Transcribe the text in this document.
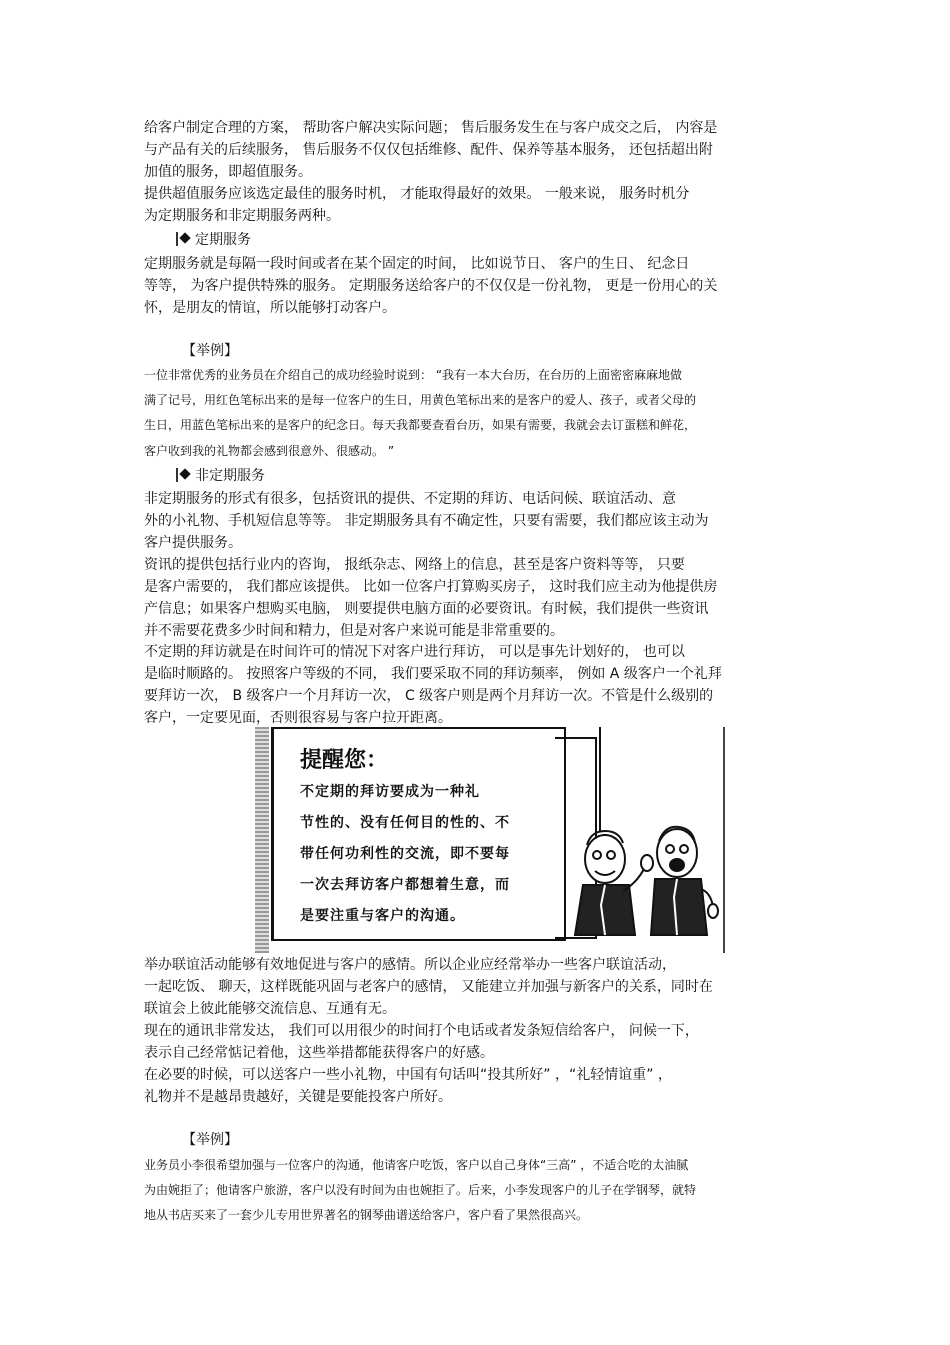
给客户制定合理的方案， 帮助客户解决实际问题； 售后服务发生在与客户成交之后， 内容是
与产品有关的后续服务， 售后服务不仅仅包括维修、配件、保养等基本服务， 还包括超出附
加值的服务，即超值服务。
提供超值服务应该选定最佳的服务时机， 才能取得最好的效果。 一般来说， 服务时机分
为定期服务和非定期服务两种。
定期服务
定期服务就是每隔一段时间或者在某个固定的时间， 比如说节日、 客户的生日、 纪念日
等等， 为客户提供特殊的服务。 定期服务送给客户的不仅仅是一份礼物， 更是一份用心的关
怀，是朋友的情谊，所以能够打动客户。
【举例】
一位非常优秀的业务员在介绍自己的成功经验时说到： “我有一本大台历，在台历的上面密密麻麻地做
满了记号，用红色笔标出来的是每一位客户的生日，用黄色笔标出来的是客户的爱人、孩子，或者父母的
生日，用蓝色笔标出来的是客户的纪念日。每天我都要查看台历，如果有需要，我就会去订蛋糕和鲜花，
客户收到我的礼物都会感到很意外、很感动。 ”
非定期服务
非定期服务的形式有很多，包括资讯的提供、不定期的拜访、电话问候、联谊活动、意
外的小礼物、手机短信息等等。 非定期服务具有不确定性，只要有需要，我们都应该主动为
客户提供服务。
资讯的提供包括行业内的咨询， 报纸杂志、网络上的信息，甚至是客户资料等等， 只要
是客户需要的， 我们都应该提供。 比如一位客户打算购买房子， 这时我们应主动为他提供房
产信息；如果客户想购买电脑， 则要提供电脑方面的必要资讯。有时候，我们提供一些资讯
并不需要花费多少时间和精力，但是对客户来说可能是非常重要的。
不定期的拜访就是在时间许可的情况下对客户进行拜访， 可以是事先计划好的， 也可以
是临时顺路的。 按照客户等级的不同， 我们要采取不同的拜访频率， 例如 A 级客户一个礼拜
要拜访一次， B 级客户一个月拜访一次， C 级客户则是两个月拜访一次。不管是什么级别的
客户，一定要见面，否则很容易与客户拉开距离。
提醒您：
不定期的拜访要成为一种礼
节性的、没有任何目的性的、不
带任何功利性的交流，即不要每
一次去拜访客户都想着生意，而
是要注重与客户的沟通。
举办联谊活动能够有效地促进与客户的感情。所以企业应经常举办一些客户联谊活动，
一起吃饭、 聊天，这样既能巩固与老客户的感情， 又能建立并加强与新客户的关系，同时在
联谊会上彼此能够交流信息、互通有无。
现在的通讯非常发达， 我们可以用很少的时间打个电话或者发条短信给客户， 问候一下，
表示自己经常惦记着他，这些举措都能获得客户的好感。
在必要的时候，可以送客户一些小礼物，中国有句话叫“投其所好” ，“礼轻情谊重” ，
礼物并不是越昂贵越好，关键是要能投客户所好。
【举例】
业务员小李很希望加强与一位客户的沟通，他请客户吃饭，客户以自己身体“三高” ，不适合吃的太油腻
为由婉拒了；他请客户旅游，客户以没有时间为由也婉拒了。后来，小李发现客户的儿子在学钢琴，就特
地从书店买来了一套少儿专用世界著名的钢琴曲谱送给客户，客户看了果然很高兴。
